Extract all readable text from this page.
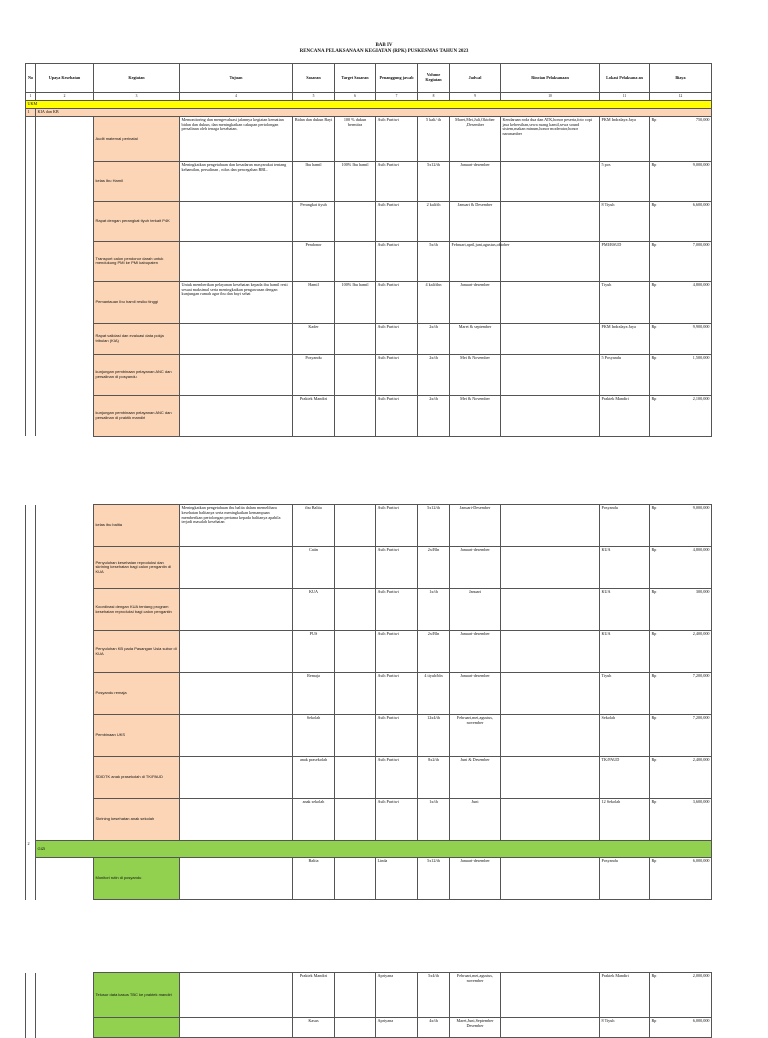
BAB IV
RENCANA PELAKSANAAN KEGIATAN (RPK) PUSKESMAS TAHUN 2023
No	Upaya Kesehatan	Kegiatan	Tujuan	Sasaran	Target Sasaran	Penanggung jawab	Volume Kegiatan	Jadwal	Rincian Pelaksanaan	Lokasi Pelaksana an	Biaya	
1	2	3	4	5	6	7	8	9	10	11	12	
UKM												
1	KIA dan KB											
		Audit maternal perinatal	Memonitoring dan mengevaluasi jalannya kegiatan kematian bidan dan dukun, dan meningkatkan cakupan pertolongan persalinan oleh tenaga kesehatan.	Bidan dan dukun Bayi	100 % dukun bermitra	Asih Purtiwi	5 kali/ th	Maret,Mei,Juli,Oktober ,Desember	Kendaraan roda dua dan ATK,honor peserta,foto copi jasa kebersihan,sewa ruang kamil,sewa sound sistem,makan minum,honor moderator,honor narasumber	PKM Indralaya Jaya	Rp	750,000
		kelas Ibu Hamil	Meningkatkan pengetahuan dan kesadaran masyarakat tentang kehamilan, persalinan , nifas dan pencegahan BBL.	Ibu hamil	100% Ibu hamil	Asih Purtiwi	5x12/th	Januari-desember		5 pos	Rp	9,000,000
		Rapat dengan perangkat tiyuh terkait P4K		Perangkat tiyuh		Asih Purtiwi	2 kali/th	Januari & Desember		8 Tiyuh	Rp	6,600,000
		Transport calon pendonor darah untuk mendukung PMI ke PMI kabupaten		Pendonor		Asih Purtiwi	5x/th	Februari,april,juni,agustus,oktober		PMI/RSUD	Rp	7,000,000
		Pemantauan Ibu hamil resiko tinggi	Untuk memberikan pelayanan kesehatan kepada ibu hamil resti sesuai maksimal serta meningkatkan pengawasan dengan kunjungan rumah agar ibu dan bayi sehat	Hamil	100% Ibu hamil	Asih Purtiwi	4 kali/thn	Januari-desember		Tiyuh	Rp	4,800,000
		Rapat validasi dan evaluasi data pokja tribulan (KIA)		Kader		Asih Purtiwi	2x/th	Maret & september		PKM Indralaya Jaya	Rp	9,900,000
		kunjungan pembinaan pelayanan ANC dan persalinan di posyandu		Posyandu		Asih Purtiwi	2x/th	Mei & November		5 Posyandu	Rp	1,500,000
		kunjungan pembinaan pelayanan ANC dan persalinan di praktik mandiri		Praktek Mandiri		Asih Purtiwi	2x/th	Mei & November		Praktek Mandiri	Rp	2,100,000
		kelas ibu balita	Meningkatkan pengetahuan ibu balita dalam memelihara kesehatan balitanya serta meningkatkan kemampuan memberikan pertolongan pertama kepada balitanya apabila terjadi masalah kesehatan	ibu Balita		Asih Purtiwi	5x12/th	Januari-Desember		Posyandu	Rp	9,000,000
		Penyuluhan kesehatan reproduksi dan skrining kesehatan bagi calon pengantin di KUA		Catin		Asih Purtiwi	2x/Bln	Januari-desember		KUA	Rp	4,800,000
		Koordinasi dengan KUA tentang program kesehatan reproduksi bagi calon pengantin		KUA		Asih Purtiwi	1x/th	Januari		KUA	Rp	300,000
		Penyuluhan KB pada Pasangan Usia subur di KUA		PUS		Asih Purtiwi	2x/Bln	Januari-desember		KUA	Rp	2,400,000
		Posyandu remaja		Remaja		Asih Purtiwi	4 tiyuh/bln	Januari-desember		Tiyuh	Rp	7,200,000
		Pembinaan UKS		Sekolah		Asih Purtiwi	12x4/th	Februari,mei,agustus, november		Sekolah	Rp	7,200,000
		SDIDTK anak prasekolah di TK/PAUD		anak prasekolah		Asih Purtiwi	8x2/th	Juni & Desember		TK/PAUD	Rp	2,400,000
		Skrining kesehatan anak sekolah		anak sekolah		Asih Purtiwi	1x/th	Juni		12 Sekolah	Rp	3,600,000
2	GIZI											
		Monitori rutin di posyandu		Balita		Linda	5x12/th	Januari-desember		Posyandu	Rp	6,000,000
		Telusur data kasus TBC ke praktek mandiri		Praktek Mandiri		Apriyana	5x4/th	Februari,mei,agustus, november		Praktek Mandiri	Rp	2,000,000
				Kasus		Apriyana	4x/th	Maret,Juni,September Desember		8 Tiyuh	Rp	6,000,000
